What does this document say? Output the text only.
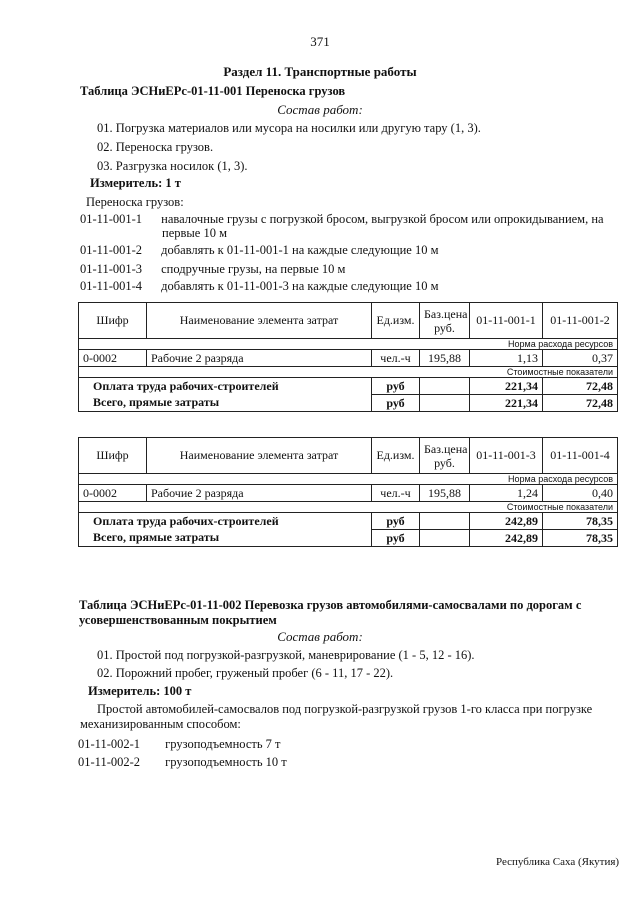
371
Раздел 11. Транспортные работы
Таблица ЭСНиЕРс-01-11-001 Переноска грузов
Состав работ:
01. Погрузка материалов или мусора на носилки или другую тару (1, 3).
02. Переноска грузов.
03. Разгрузка носилок (1, 3).
Измеритель: 1 т
Переноска грузов:
01-11-001-1 навалочные грузы с погрузкой бросом, выгрузкой бросом или опрокидыванием, на
первые 10 м
01-11-001-2 добавлять к 01-11-001-1 на каждые следующие 10 м
01-11-001-3 сподручные грузы, на первые 10 м
01-11-001-4 добавлять к 01-11-001-3 на каждые следующие 10 м
Шифр	Наименование элемента затрат	Ед.изм.	Баз.цена руб.	01-11-001-1	01-11-001-2
Норма расхода ресурсов					
0-0002	Рабочие 2 разряда	чел.-ч	195,88	1,13	0,37
Стоимостные показатели					
Оплата труда рабочих-строителей		руб		221,34	72,48
Всего, прямые затраты		руб		221,34	72,48
Шифр	Наименование элемента затрат	Ед.изм.	Баз.цена руб.	01-11-001-3	01-11-001-4
Норма расхода ресурсов					
0-0002	Рабочие 2 разряда	чел.-ч	195,88	1,24	0,40
Стоимостные показатели					
Оплата труда рабочих-строителей		руб		242,89	78,35
Всего, прямые затраты		руб		242,89	78,35
Таблица ЭСНиЕРс-01-11-002 Перевозка грузов автомобилями-самосвалами по дорогам с
усовершенствованным покрытием
Состав работ:
01. Простой под погрузкой-разгрузкой, маневрирование (1 - 5, 12 - 16).
02. Порожний пробег, груженый пробег (6 - 11, 17 - 22).
Измеритель: 100 т
Простой автомобилей-самосвалов под погрузкой-разгрузкой грузов 1-го класса при погрузке
механизированным способом:
01-11-002-1 грузоподъемность 7 т
01-11-002-2 грузоподъемность 10 т
Республика Саха (Якутия)
